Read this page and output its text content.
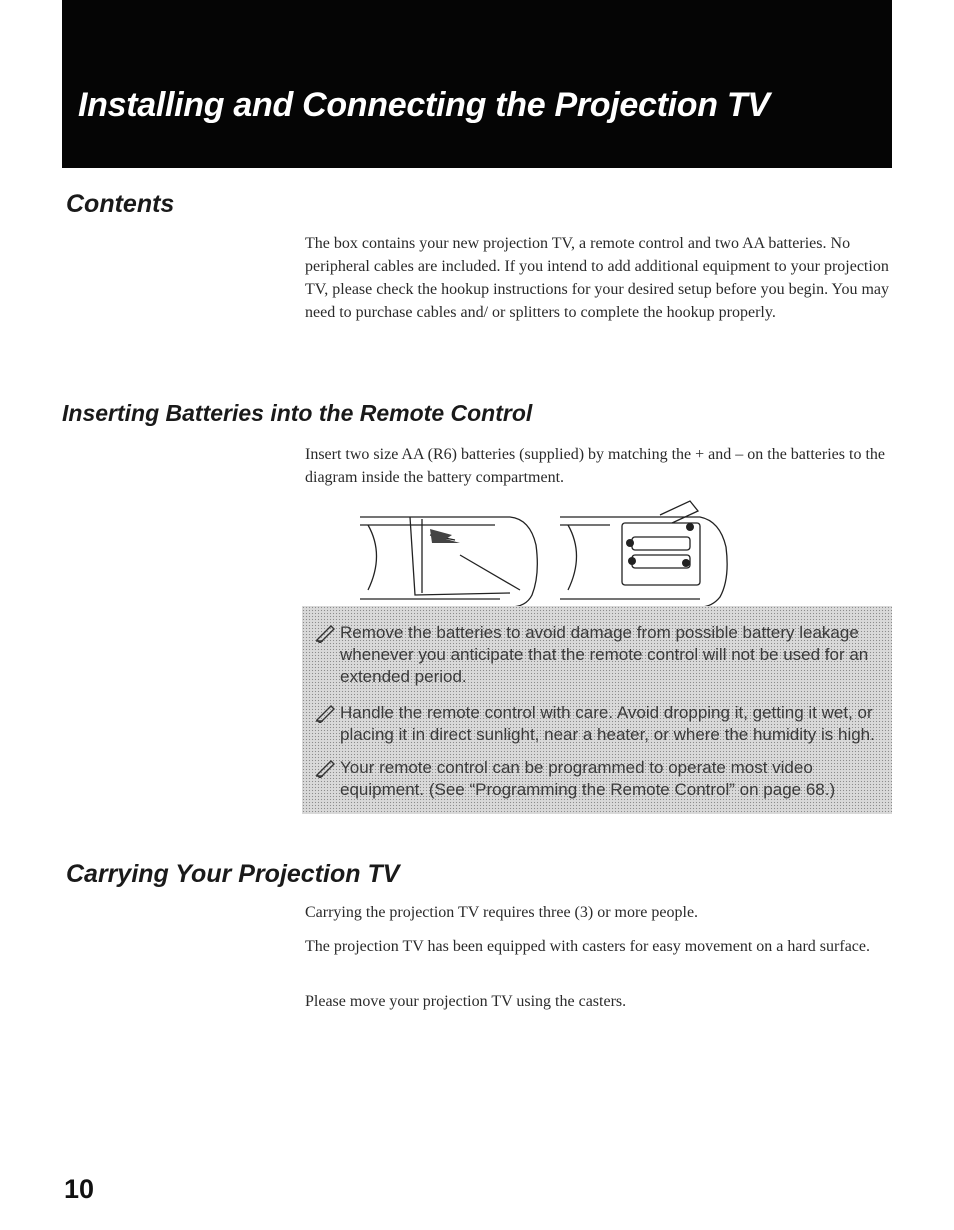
Installing and Connecting the Projection TV
Contents

The box contains your new projection TV, a remote control and two AA batteries. No peripheral cables are included. If you intend to add additional equipment to your projection TV, please check the hookup instructions for your desired setup before you begin. You may need to purchase cables and/ or splitters to complete the hookup properly.

Inserting Batteries into the Remote Control

Insert two size AA (R6) batteries (supplied) by matching the + and – on the batteries to the diagram inside the battery compartment.

Remove the batteries to avoid damage from possible battery leakage whenever you anticipate that the remote control will not be used for an extended period.
Handle the remote control with care. Avoid dropping it, getting it wet, or placing it in direct sunlight, near a heater, or where the humidity is high.
Your remote control can be programmed to operate most video equipment. (See “Programming the Remote Control” on page 68.)
Carrying Your Projection TV

Carrying the projection TV requires three (3) or more people.

The projection TV has been equipped with casters for easy movement on a hard surface.

Please move your projection TV using the casters.

10
